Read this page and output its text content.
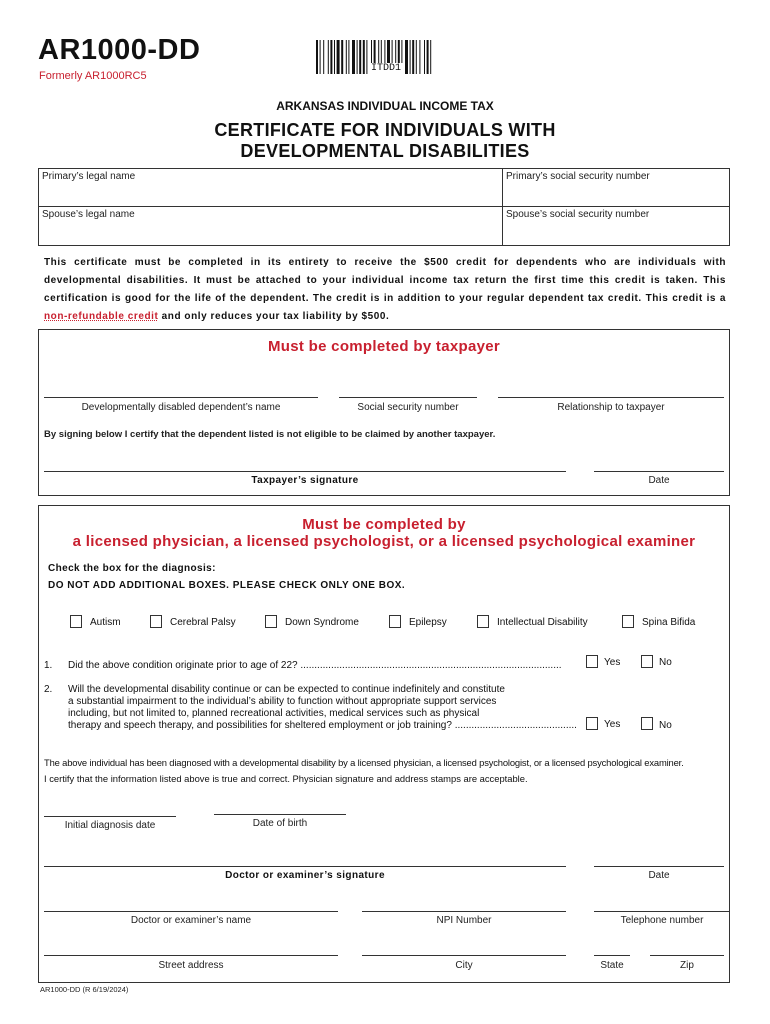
AR1000-DD
Formerly AR1000RC5
ITDD1
ARKANSAS INDIVIDUAL INCOME TAX
CERTIFICATE FOR INDIVIDUALS WITH
DEVELOPMENTAL DISABILITIES
Primary’s legal name	Primary’s social security number
Spouse’s legal name	Spouse’s social security number
This certificate must be completed in its entirety to receive the $500 credit for dependents who are individuals with developmental disabilities. It must be attached to your individual income tax return the first time this credit is taken. This certification is good for the life of the dependent. The credit is in addition to your regular dependent tax credit. This credit is a non-refundable credit and only reduces your tax liability by $500.
Must be completed by taxpayer
Developmentally disabled dependent’s name	Social security number	Relationship to taxpayer
By signing below I certify that the dependent listed is not eligible to be claimed by another taxpayer.
Taxpayer’s signature	Date
Must be completed by
a licensed physician, a licensed psychologist, or a licensed psychological examiner
Check the box for the diagnosis:
DO NOT ADD ADDITIONAL BOXES. PLEASE CHECK ONLY ONE BOX.
Autism	Cerebral Palsy	Down Syndrome	Epilepsy	Intellectual Disability	Spina Bifida
1. Did the above condition originate prior to age of 22? ..............................................................................................	Yes	No
2. Will the developmental disability continue or can be expected to continue indefinitely and constitute
a substantial impairment to the individual’s ability to function without appropriate support services
including, but not limited to, planned recreational activities, medical services such as physical
therapy and speech therapy, and possibilities for sheltered employment or job training? ............................................	Yes	No
The above individual has been diagnosed with a developmental disability by a licensed physician, a licensed psychologist, or a licensed psychological examiner.
I certify that the information listed above is true and correct. Physician signature and address stamps are acceptable.
Initial diagnosis date	Date of birth
Doctor or examiner’s signature	Date
Doctor or examiner’s name	NPI Number	Telephone number
Street address	City	State	Zip
AR1000-DD (R 6/19/2024)
